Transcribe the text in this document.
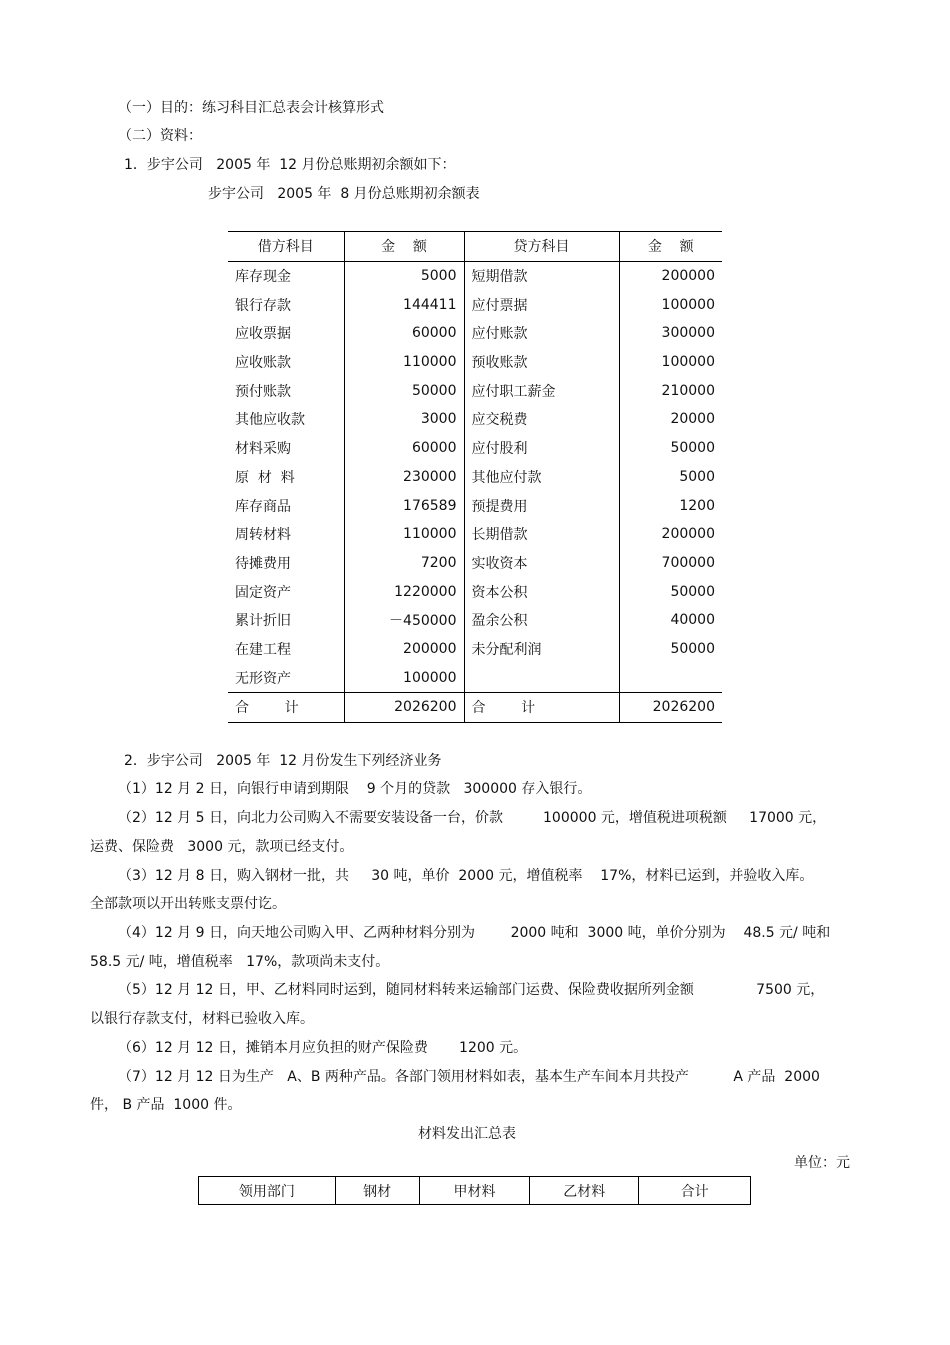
（一）目的：练习科目汇总表会计核算形式
（二）资料：
1．步宇公司   2005 年  12 月份总账期初余额如下：
步宇公司   2005 年  8 月份总账期初余额表
借方科目	金    额	贷方科目	金    额
库存现金	5000	短期借款	200000
银行存款	144411	应付票据	100000
应收票据	60000	应付账款	300000
应收账款	110000	预收账款	100000
预付账款	50000	应付职工薪金	210000
其他应收款	3000	应交税费	20000
材料采购	60000	应付股利	50000
原  材  料	230000	其他应付款	5000
库存商品	176589	预提费用	1200
周转材料	110000	长期借款	200000
待摊费用	7200	实收资本	700000
固定资产	1220000	资本公积	50000
累计折旧	－450000	盈余公积	40000
在建工程	200000	未分配利润	50000
无形资产	100000		
合        计	2026200	合        计	2026200
2．步宇公司   2005 年  12 月份发生下列经济业务
（1）12 月 2 日，向银行申请到期限    9 个月的贷款   300000 存入银行。
（2）12 月 5 日，向北力公司购入不需要安装设备一台，价款         100000 元，增值税进项税额     17000 元，
运费、保险费   3000 元，款项已经支付。
（3）12 月 8 日，购入钢材一批，共     30 吨，单价  2000 元，增值税率    17%，材料已运到，并验收入库。
全部款项以开出转账支票付讫。
（4）12 月 9 日，向天地公司购入甲、乙两种材料分别为        2000 吨和  3000 吨，单价分别为    48.5 元/ 吨和
58.5 元/ 吨，增值税率   17%，款项尚未支付。
（5）12 月 12 日，甲、乙材料同时运到，随同材料转来运输部门运费、保险费收据所列金额              7500 元，
以银行存款支付，材料已验收入库。
（6）12 月 12 日，摊销本月应负担的财产保险费       1200 元。
（7）12 月 12 日为生产   A、B 两种产品。各部门领用材料如表，基本生产车间本月共投产          A 产品  2000
件， B 产品  1000 件。
材料发出汇总表
单位：元
领用部门	钢材	甲材料	乙材料	合计
